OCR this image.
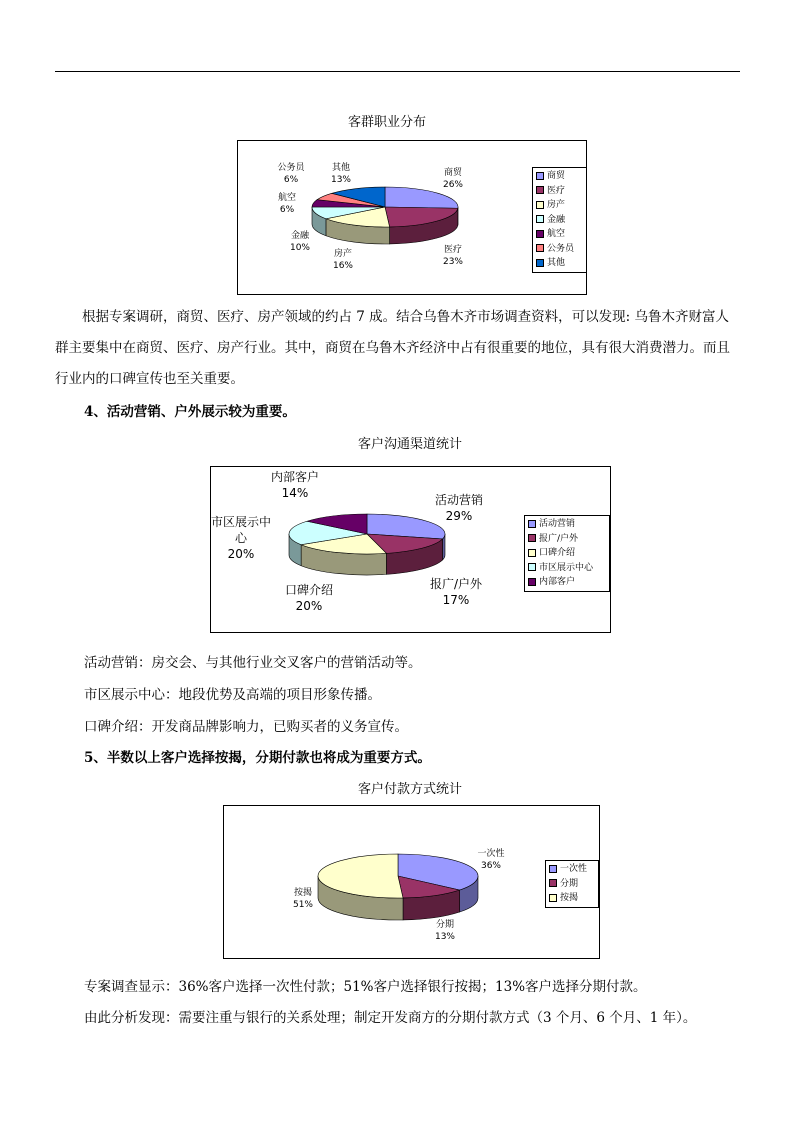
客群职业分布
商贸
医疗
房产
金融
航空
公务员
其他
商贸
26%
医疗
23%
房产
16%
金融
10%
航空
6%
公务员
6%
其他
13%
根据专案调研，商贸、医疗、房产领域的约占 7 成。结合乌鲁木齐市场调查资料，可以发现: 乌鲁木齐财富人群主要集中在商贸、医疗、房产行业。其中，商贸在乌鲁木齐经济中占有很重要的地位，具有很大消费潜力。而且行业内的口碑宣传也至关重要。
4、活动营销、户外展示较为重要。
客户沟通渠道统计
活动营销
报广/户外
口碑介绍
市区展示中心
内部客户
活动营销
29%
报广/户外
17%
口碑介绍
20%
市区展示中
心
20%
内部客户
14%
活动营销：房交会、与其他行业交叉客户的营销活动等。
市区展示中心：地段优势及高端的项目形象传播。
口碑介绍：开发商品牌影响力，已购买者的义务宣传。
5、半数以上客户选择按揭，分期付款也将成为重要方式。
客户付款方式统计
一次性
分期
按揭
一次性
36%
分期
13%
按揭
51%
专案调查显示：36%客户选择一次性付款；51%客户选择银行按揭；13%客户选择分期付款。
由此分析发现：需要注重与银行的关系处理；制定开发商方的分期付款方式（3 个月、6 个月、1 年）。
